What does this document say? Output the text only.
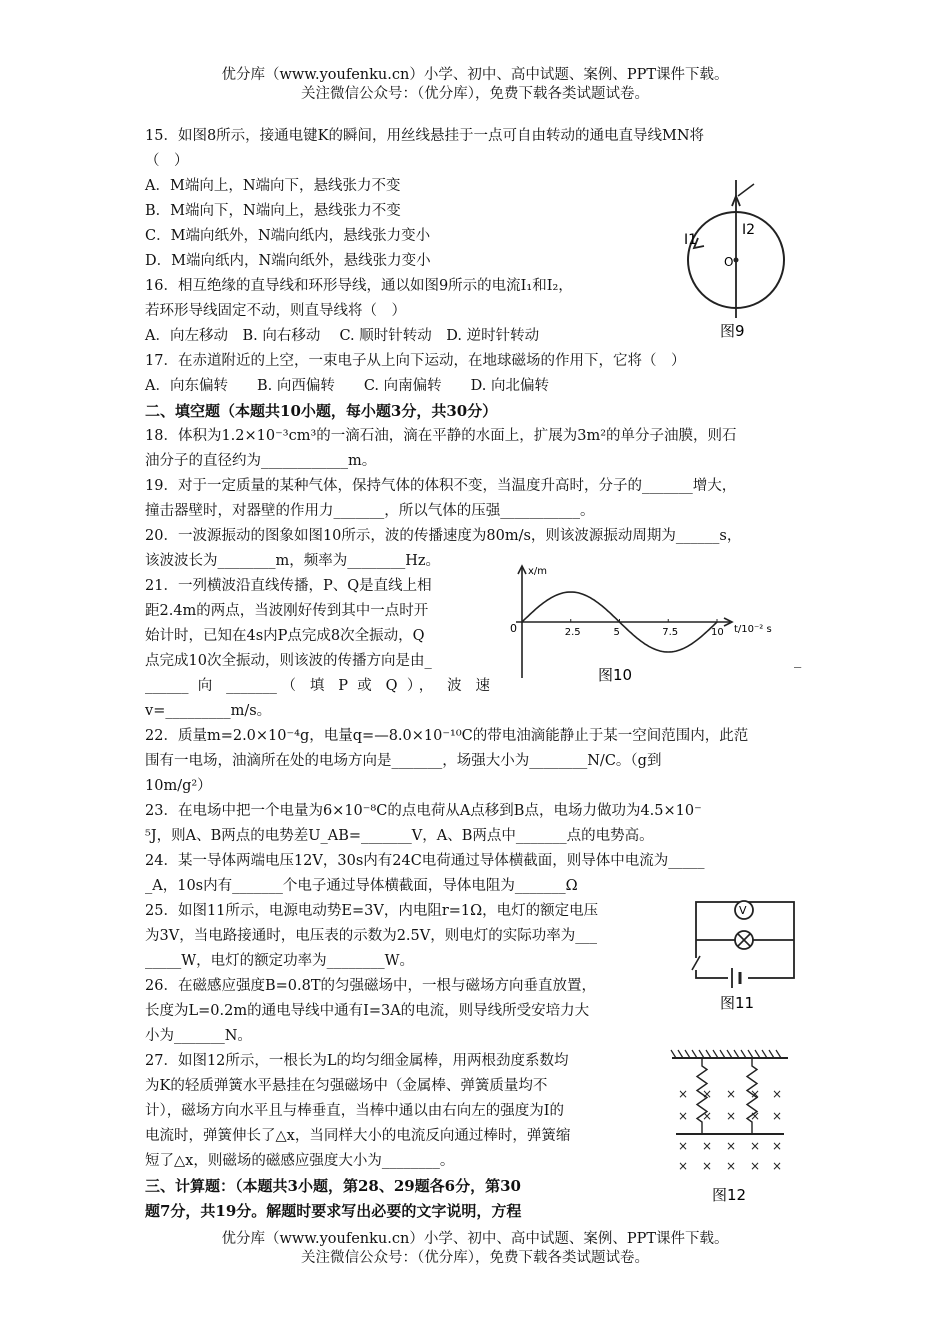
优分库（www.youfenku.cn）小学、初中、高中试题、案例、PPT课件下载。
关注微信公众号：（优分库），免费下载各类试题试卷。
15．如图8所示，接通电键K的瞬间，用丝线悬挂于一点可自由转动的通电直导线MN将
（　）
A．M端向上，N端向下，悬线张力不变
B．M端向下，N端向上，悬线张力不变
C．M端向纸外，N端向纸内，悬线张力变小
D．M端向纸内，N端向纸外，悬线张力变小
16．相互绝缘的直导线和环形导线，通以如图9所示的电流I₁和I₂，
若环形导线固定不动，则直导线将（　）
A．向左移动　B. 向右移动　 C. 顺时针转动　D. 逆时针转动
17．在赤道附近的上空，一束电子从上向下运动，在地球磁场的作用下，它将（　）
A．向东偏转　　B. 向西偏转　　C. 向南偏转　　D. 向北偏转
二、填空题（本题共10小题，每小题3分，共30分）
18．体积为1.2×10⁻³cm³的一滴石油，滴在平静的水面上，扩展为3m²的单分子油膜，则石
油分子的直径约为____________m。
19．对于一定质量的某种气体，保持气体的体积不变，当温度升高时，分子的_______增大，
撞击器壁时，对器壁的作用力_______，所以气体的压强___________。
20．一波源振动的图象如图10所示，波的传播速度为80m/s，则该波源振动周期为______s，
该波波长为________m，频率为________Hz。
21．一列横波沿直线传播，P、Q是直线上相
距2.4m的两点，当波刚好传到其中一点时开
始计时，已知在4s内P点完成8次全振动，Q
点完成10次全振动，则该波的传播方向是由_
______ 向 _______（ 填 P 或 Q ）， 波 速
v=_________m/s。
22．质量m=2.0×10⁻⁴g，电量q=—8.0×10⁻¹⁰C的带电油滴能静止于某一空间范围内，此范
围有一电场，油滴所在处的电场方向是_______，场强大小为________N/C。（g到
10m/g²）
23．在电场中把一个电量为6×10⁻⁸C的点电荷从A点移到B点，电场力做功为4.5×10⁻
⁵J，则A、B两点的电势差U_AB=_______V，A、B两点中_______点的电势高。
24．某一导体两端电压12V，30s内有24C电荷通过导体横截面，则导体中电流为_____
_A，10s内有_______个电子通过导体横截面，导体电阻为_______Ω
25．如图11所示，电源电动势E=3V，内电阻r=1Ω，电灯的额定电压
为3V，当电路接通时，电压表的示数为2.5V，则电灯的实际功率为___
_____W，电灯的额定功率为________W。
26．在磁感应强度B=0.8T的匀强磁场中，一根与磁场方向垂直放置，
长度为L=0.2m的通电导线中通有I=3A的电流，则导线所受安培力大
小为_______N。
27．如图12所示，一根长为L的均匀细金属棒，用两根劲度系数均
为K的轻质弹簧水平悬挂在匀强磁场中（金属棒、弹簧质量均不
计），磁场方向水平且与棒垂直，当棒中通以由右向左的强度为I的
电流时，弹簧伸长了△x，当同样大小的电流反向通过棒时，弹簧缩
短了△x，则磁场的磁感应强度大小为________。
三、计算题：（本题共3小题，第28、29题各6分，第30
题7分，共19分。解题时要求写出必要的文字说明，方程
_
I1
I2
O
图9
x/m
0	t/10⁻² s
2.5	5	7.5	10
图10
V
图11
× × × × ×
× × × × ×
× × × × ×
× × × × ×
图12
优分库（www.youfenku.cn）小学、初中、高中试题、案例、PPT课件下载。
关注微信公众号：（优分库），免费下载各类试题试卷。
